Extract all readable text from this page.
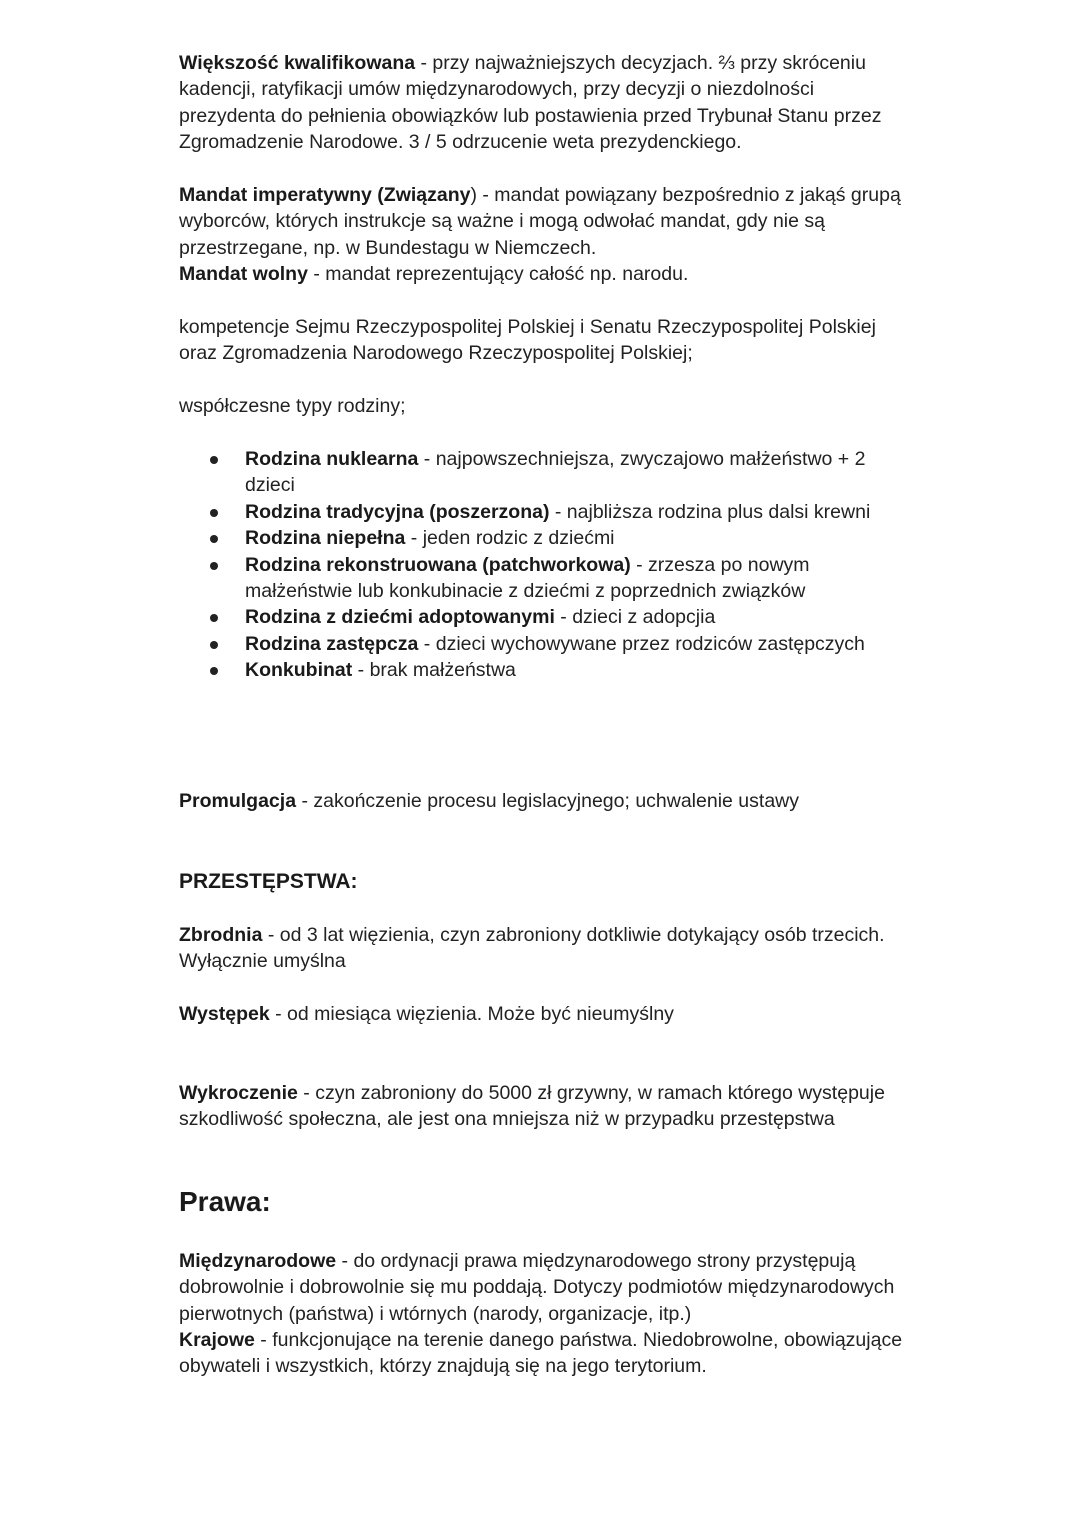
Większość kwalifikowana - przy najważniejszych decyzjach. ⅔ przy skróceniu kadencji, ratyfikacji umów międzynarodowych, przy decyzji o niezdolności prezydenta do pełnienia obowiązków lub postawienia przed Trybunał Stanu przez Zgromadzenie Narodowe. 3 / 5 odrzucenie weta prezydenckiego.

Mandat imperatywny (Związany) - mandat powiązany bezpośrednio z jakąś grupą wyborców, których instrukcje są ważne i mogą odwołać mandat, gdy nie są przestrzegane, np. w Bundestagu w Niemczech.

Mandat wolny - mandat reprezentujący całość np. narodu.

kompetencje Sejmu Rzeczypospolitej Polskiej i Senatu Rzeczypospolitej Polskiej oraz Zgromadzenia Narodowego Rzeczypospolitej Polskiej;

współczesne typy rodziny;

Rodzina nuklearna - najpowszechniejsza, zwyczajowo małżeństwo + 2 dzieci
Rodzina tradycyjna (poszerzona) - najbliższa rodzina plus dalsi krewni
Rodzina niepełna - jeden rodzic z dziećmi
Rodzina rekonstruowana (patchworkowa) - zrzesza po nowym małżeństwie lub konkubinacie z dziećmi z poprzednich związków
Rodzina z dziećmi adoptowanymi - dzieci z adopcjia
Rodzina zastępcza - dzieci wychowywane przez rodziców zastępczych
Konkubinat - brak małżeństwa

Promulgacja - zakończenie procesu legislacyjnego; uchwalenie ustawy

PRZESTĘPSTWA:

Zbrodnia - od 3 lat więzienia, czyn zabroniony dotkliwie dotykający osób trzecich. Wyłącznie umyślna

Występek - od miesiąca więzienia. Może być nieumyślny

Wykroczenie - czyn zabroniony do 5000 zł grzywny, w ramach którego występuje szkodliwość społeczna, ale jest ona mniejsza niż w przypadku przestępstwa

Prawa:

Międzynarodowe - do ordynacji prawa międzynarodowego strony przystępują dobrowolnie i dobrowolnie się mu poddają. Dotyczy podmiotów międzynarodowych pierwotnych (państwa) i wtórnych (narody, organizacje, itp.)

Krajowe - funkcjonujące na terenie danego państwa. Niedobrowolne, obowiązujące obywateli i wszystkich, którzy znajdują się na jego terytorium.
